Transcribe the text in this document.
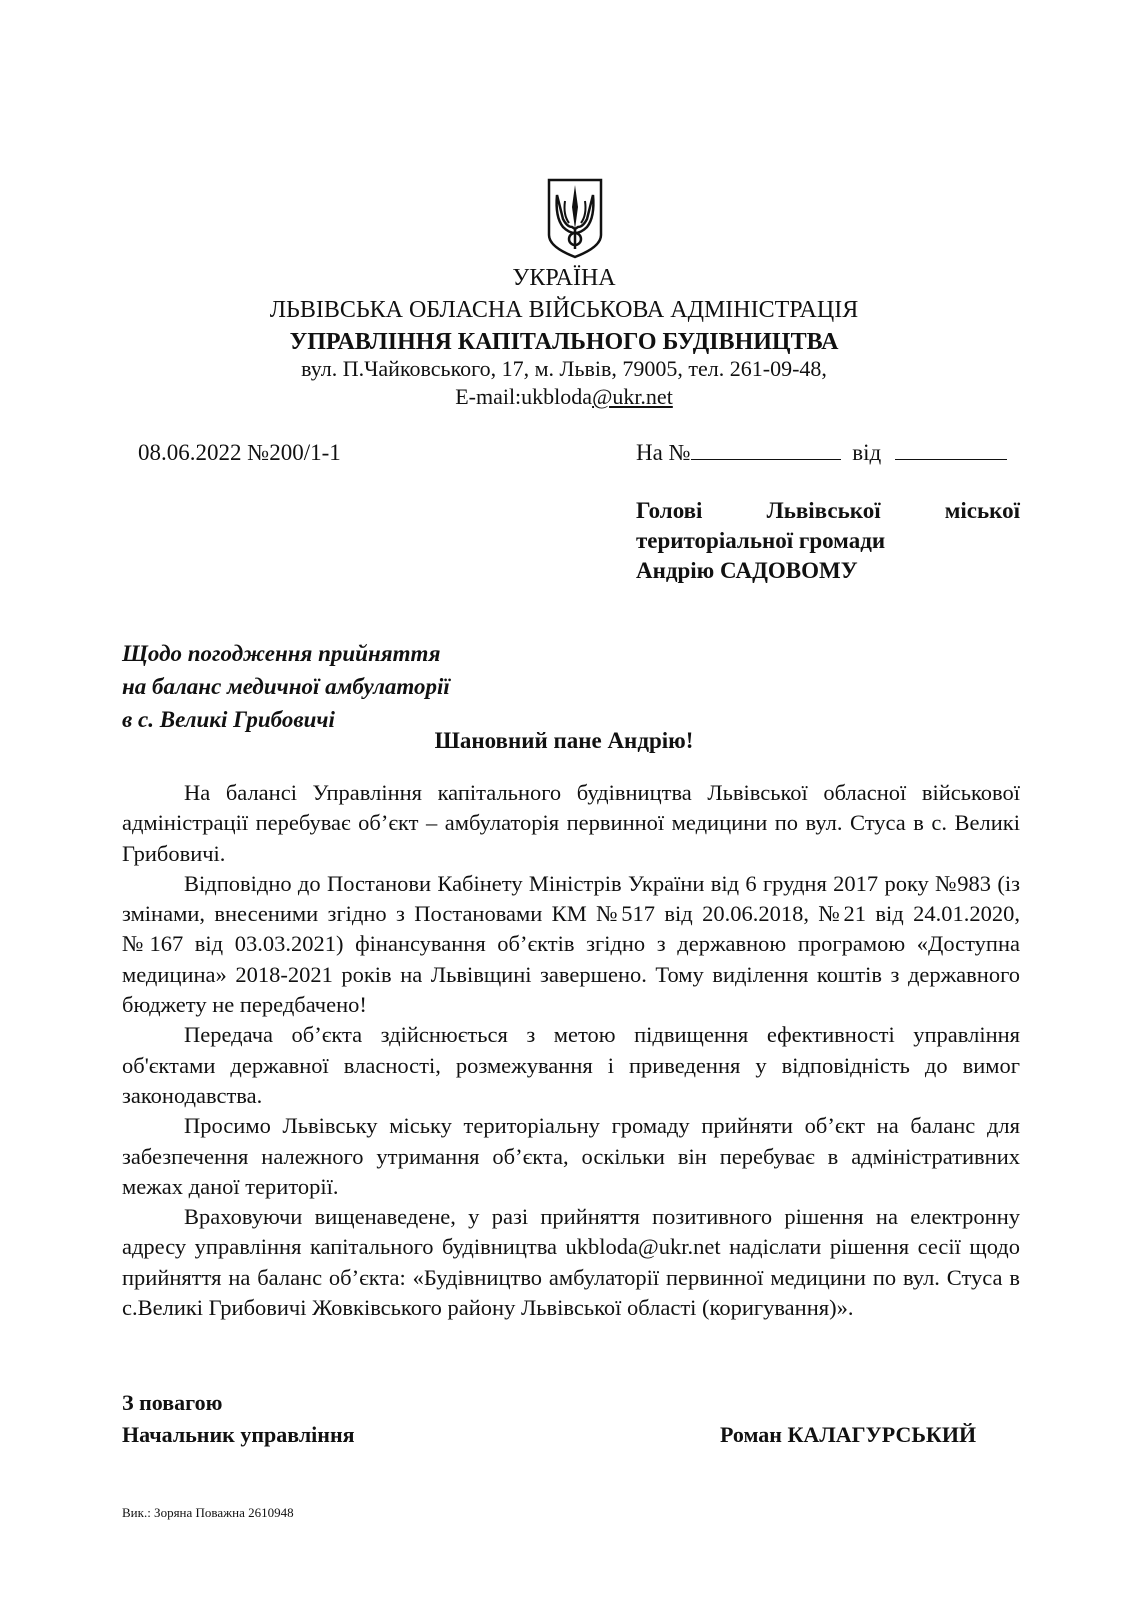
УКРАЇНА
ЛЬВІВСЬКА ОБЛАСНА ВІЙСЬКОВА АДМІНІСТРАЦІЯ
УПРАВЛІННЯ КАПІТАЛЬНОГО БУДІВНИЦТВА
вул. П.Чайковського, 17, м. Львів, 79005, тел. 261-09-48,
E-mail:ukbloda@ukr.net
08.06.2022 №200/1-1	На №	від
Голові	Львівської	міської
територіальної громади
Андрію САДОВОМУ
Щодо погодження прийняття
на баланс медичної амбулаторії
в с. Великі Грибовичі
Шановний пане Андрію!

На балансі Управління капітального будівництва Львівської обласної військової адміністрації перебуває об’єкт – амбулаторія первинної медицини по вул. Стуса в с. Великі Грибовичі.

Відповідно до Постанови Кабінету Міністрів України від 6 грудня 2017 року №983 (із змінами, внесеними згідно з Постановами КМ №517 від 20.06.2018, №21 від 24.01.2020, №167 від 03.03.2021) фінансування об’єктів згідно з державною програмою «Доступна медицина» 2018-2021 років на Львівщині завершено. Тому виділення коштів з державного бюджету не передбачено!

Передача об’єкта здійснюється з метою підвищення ефективності управління об'єктами державної власності, розмежування і приведення у відповідність до вимог законодавства.

Просимо Львівську міську територіальну громаду прийняти об’єкт на баланс для забезпечення належного утримання об’єкта, оскільки він перебуває в адміністративних межах даної території.

Враховуючи вищенаведене, у разі прийняття позитивного рішення на електронну адресу управління капітального будівництва ukbloda@ukr.net надіслати рішення сесії щодо прийняття на баланс об’єкта: «Будівництво амбулаторії первинної медицини по вул. Стуса в с.Великі Грибовичі Жовківського району Львівської області (коригування)».

З повагою
Начальник управління	Роман КАЛАГУРСЬКИЙ
Вик.: Зоряна Поважна 2610948
